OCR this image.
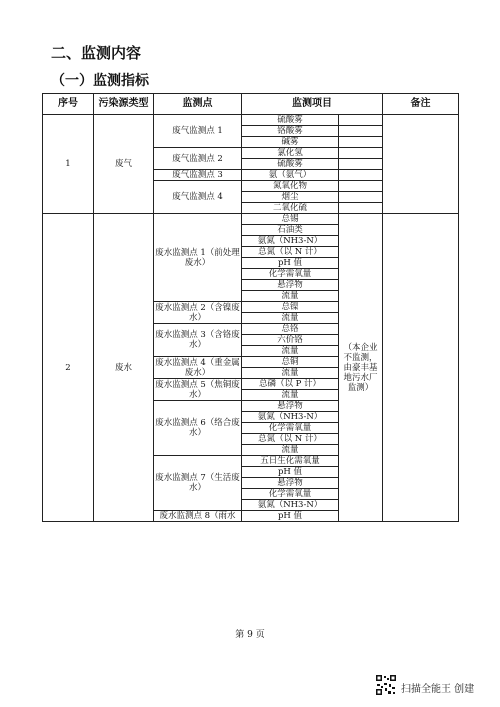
二、监测内容
（一）监测指标
序号	污染源类型	监测点	监测项目		备注
1	废气	废气监测点 1	硫酸雾		
			铬酸雾		
			碱雾		
		废气监测点 2	氯化氢		
			硫酸雾		
		废气监测点 3	氨（氨气）		
		废气监测点 4	氮氧化物		
			烟尘		
			二氧化硫		
2	废水	废水监测点 1（前处理废水）	总锡	（本企业不监测，由豪丰基地污水厂监测）	
			石油类		
			氨氮（NH3-N）		
			总氮（以 N 计）		
			pH 值		
			化学需氧量		
			悬浮物		
			流量		
		废水监测点 2（含镍废水）	总镍		
			流量		
		废水监测点 3（含铬废水）	总铬		
			六价铬		
			流量		
		废水监测点 4（重金属废水）	总铜		
			流量		
		废水监测点 5（焦铜废水）	总磷（以 P 计）		
			流量		
		废水监测点 6（络合废水）	悬浮物		
			氨氮（NH3-N）		
			化学需氧量		
			总氮（以 N 计）		
			流量		
		废水监测点 7（生活废水）	五日生化需氧量		
			pH 值		
			悬浮物		
			化学需氧量		
			氨氮（NH3-N）		
		废水监测点 8（雨水	pH 值		
第 9 页
扫描全能王 创建
